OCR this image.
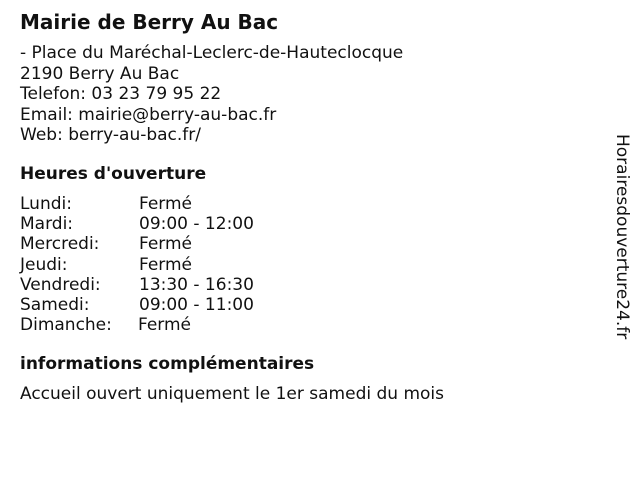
Mairie de Berry Au Bac
- Place du Maréchal-Leclerc-de-Hauteclocque
2190 Berry Au Bac
Telefon: 03 23 79 95 22
Email: mairie@berry-au-bac.fr
Web: berry-au-bac.fr/
Heures d'ouverture
Lundi:	Fermé
Mardi:	09:00 - 12:00
Mercredi: Fermé
Jeudi:	Fermé
Vendredi: 13:30 - 16:30
Samedi:	09:00 - 11:00
Dimanche: Fermé
informations complémentaires
Accueil ouvert uniquement le 1er samedi du mois
Horairesdouverture24.fr
